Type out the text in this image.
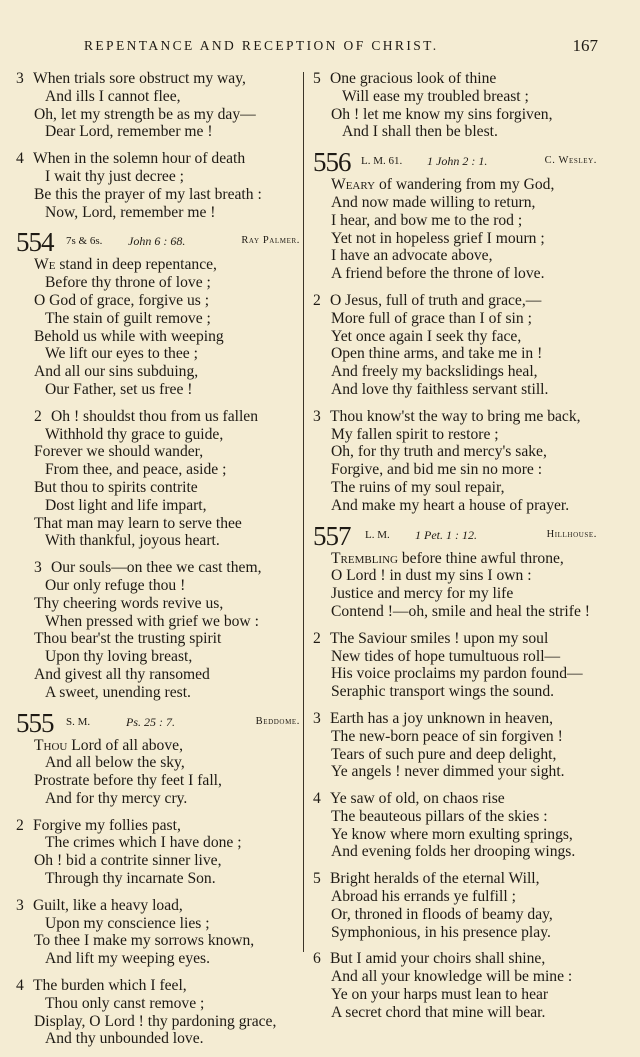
REPENTANCE AND RECEPTION OF CHRIST.	167
3 When trials sore obstruct my way,
And ills I cannot flee,
Oh, let my strength be as my day—
Dear Lord, remember me !
4 When in the solemn hour of death
I wait thy just decree ;
Be this the prayer of my last breath :
Now, Lord, remember me !
554 7s & 6s. John 6 : 68.	Ray Palmer.
We stand in deep repentance,
Before thy throne of love ;
O God of grace, forgive us ;
The stain of guilt remove ;
Behold us while with weeping
We lift our eyes to thee ;
And all our sins subduing,
Our Father, set us free !
2 Oh ! shouldst thou from us fallen
Withhold thy grace to guide,
Forever we should wander,
From thee, and peace, aside ;
But thou to spirits contrite
Dost light and life impart,
That man may learn to serve thee
With thankful, joyous heart.
3 Our souls—on thee we cast them,
Our only refuge thou !
Thy cheering words revive us,
When pressed with grief we bow :
Thou bear'st the trusting spirit
Upon thy loving breast,
And givest all thy ransomed
A sweet, unending rest.
555 S. M.	Ps. 25 : 7.	Beddome.
Thou Lord of all above,
And all below the sky,
Prostrate before thy feet I fall,
And for thy mercy cry.
2 Forgive my follies past,
The crimes which I have done ;
Oh ! bid a contrite sinner live,
Through thy incarnate Son.
3 Guilt, like a heavy load,
Upon my conscience lies ;
To thee I make my sorrows known,
And lift my weeping eyes.
4 The burden which I feel,
Thou only canst remove ;
Display, O Lord ! thy pardoning grace,
And thy unbounded love.
5 One gracious look of thine
Will ease my troubled breast ;
Oh ! let me know my sins forgiven,
And I shall then be blest.
556 L. M. 61. 1 John 2 : 1.	C. Wesley.
Weary of wandering from my God,
And now made willing to return,
I hear, and bow me to the rod ;
Yet not in hopeless grief I mourn ;
I have an advocate above,
A friend before the throne of love.
2 O Jesus, full of truth and grace,—
More full of grace than I of sin ;
Yet once again I seek thy face,
Open thine arms, and take me in !
And freely my backslidings heal,
And love thy faithless servant still.
3 Thou know'st the way to bring me back,
My fallen spirit to restore ;
Oh, for thy truth and mercy's sake,
Forgive, and bid me sin no more :
The ruins of my soul repair,
And make my heart a house of prayer.
557 L. M. 1 Pet. 1 : 12.	Hillhouse.
Trembling before thine awful throne,
O Lord ! in dust my sins I own :
Justice and mercy for my life
Contend !—oh, smile and heal the strife !
2 The Saviour smiles ! upon my soul
New tides of hope tumultuous roll—
His voice proclaims my pardon found—
Seraphic transport wings the sound.
3 Earth has a joy unknown in heaven,
The new-born peace of sin forgiven !
Tears of such pure and deep delight,
Ye angels ! never dimmed your sight.
4 Ye saw of old, on chaos rise
The beauteous pillars of the skies :
Ye know where morn exulting springs,
And evening folds her drooping wings.
5 Bright heralds of the eternal Will,
Abroad his errands ye fulfill ;
Or, throned in floods of beamy day,
Symphonious, in his presence play.
6 But I amid your choirs shall shine,
And all your knowledge will be mine :
Ye on your harps must lean to hear
A secret chord that mine will bear.
